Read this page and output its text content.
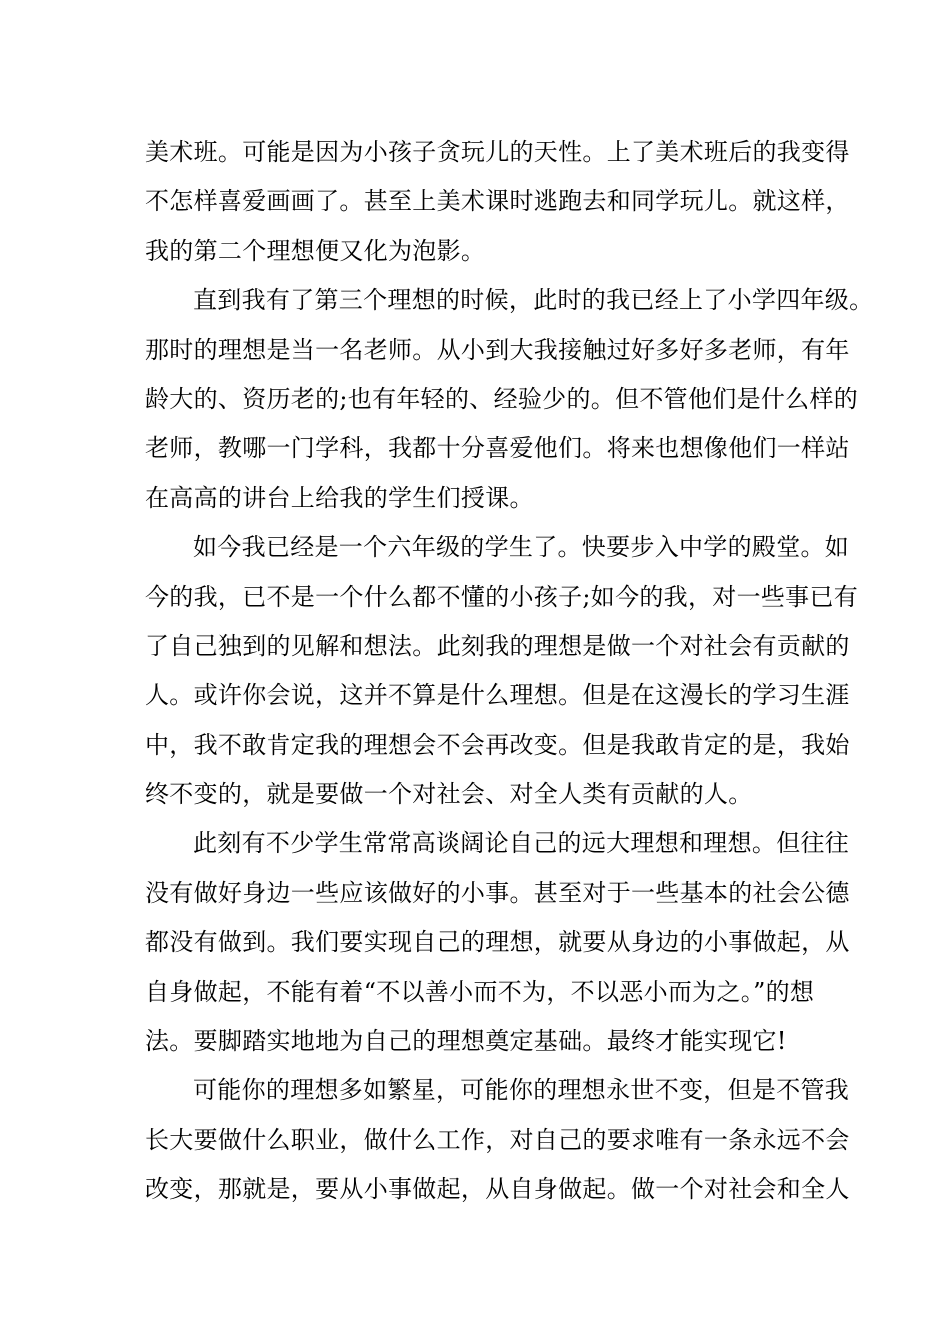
美术班。可能是因为小孩子贪玩儿的天性。上了美术班后的我变得
不怎样喜爱画画了。甚至上美术课时逃跑去和同学玩儿。就这样，
我的第二个理想便又化为泡影。
直到我有了第三个理想的时候，此时的我已经上了小学四年级。
那时的理想是当一名老师。从小到大我接触过好多好多老师，有年
龄大的、资历老的;也有年轻的、经验少的。但不管他们是什么样的
老师，教哪一门学科，我都十分喜爱他们。将来也想像他们一样站
在高高的讲台上给我的学生们授课。
如今我已经是一个六年级的学生了。快要步入中学的殿堂。如
今的我，已不是一个什么都不懂的小孩子;如今的我，对一些事已有
了自己独到的见解和想法。此刻我的理想是做一个对社会有贡献的
人。或许你会说，这并不算是什么理想。但是在这漫长的学习生涯
中，我不敢肯定我的理想会不会再改变。但是我敢肯定的是，我始
终不变的，就是要做一个对社会、对全人类有贡献的人。
此刻有不少学生常常高谈阔论自己的远大理想和理想。但往往
没有做好身边一些应该做好的小事。甚至对于一些基本的社会公德
都没有做到。我们要实现自己的理想，就要从身边的小事做起，从
自身做起，不能有着“不以善小而不为，不以恶小而为之。”的想
法。要脚踏实地地为自己的理想奠定基础。最终才能实现它!
可能你的理想多如繁星，可能你的理想永世不变，但是不管我
长大要做什么职业，做什么工作，对自己的要求唯有一条永远不会
改变，那就是，要从小事做起，从自身做起。做一个对社会和全人
